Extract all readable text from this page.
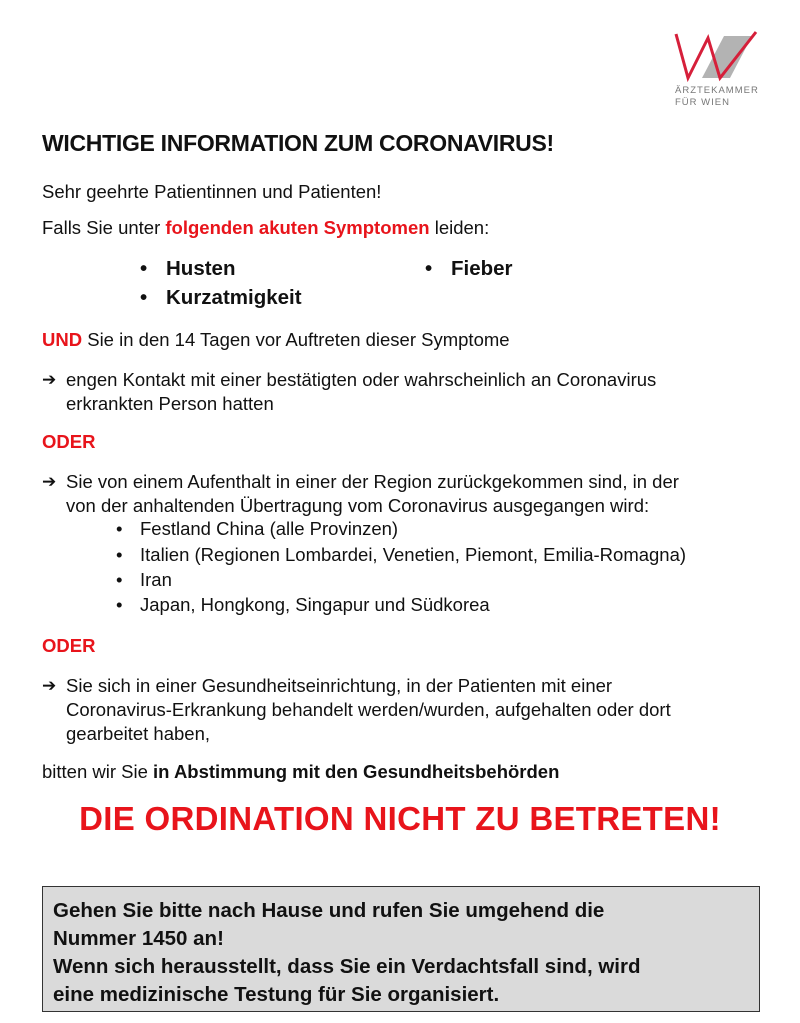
ÄRZTEKAMMER
FÜR WIEN
WICHTIGE INFORMATION ZUM CORONAVIRUS!
Sehr geehrte Patientinnen und Patienten!
Falls Sie unter folgenden akuten Symptomen leiden:
• Husten	• Fieber
• Kurzatmigkeit
UND Sie in den 14 Tagen vor Auftreten dieser Symptome
➔ engen Kontakt mit einer bestätigten oder wahrscheinlich an Coronavirus
erkrankten Person hatten
ODER
➔ Sie von einem Aufenthalt in einer der Region zurückgekommen sind, in der
von der anhaltenden Übertragung vom Coronavirus ausgegangen wird:
• Festland China (alle Provinzen)
• Italien (Regionen Lombardei, Venetien, Piemont, Emilia-Romagna)
• Iran
• Japan, Hongkong, Singapur und Südkorea
ODER
➔ Sie sich in einer Gesundheitseinrichtung, in der Patienten mit einer
Coronavirus-Erkrankung behandelt werden/wurden, aufgehalten oder dort
gearbeitet haben,
bitten wir Sie in Abstimmung mit den Gesundheitsbehörden
DIE ORDINATION NICHT ZU BETRETEN!
Gehen Sie bitte nach Hause und rufen Sie umgehend die
Nummer 1450 an!
Wenn sich herausstellt, dass Sie ein Verdachtsfall sind, wird
eine medizinische Testung für Sie organisiert.
